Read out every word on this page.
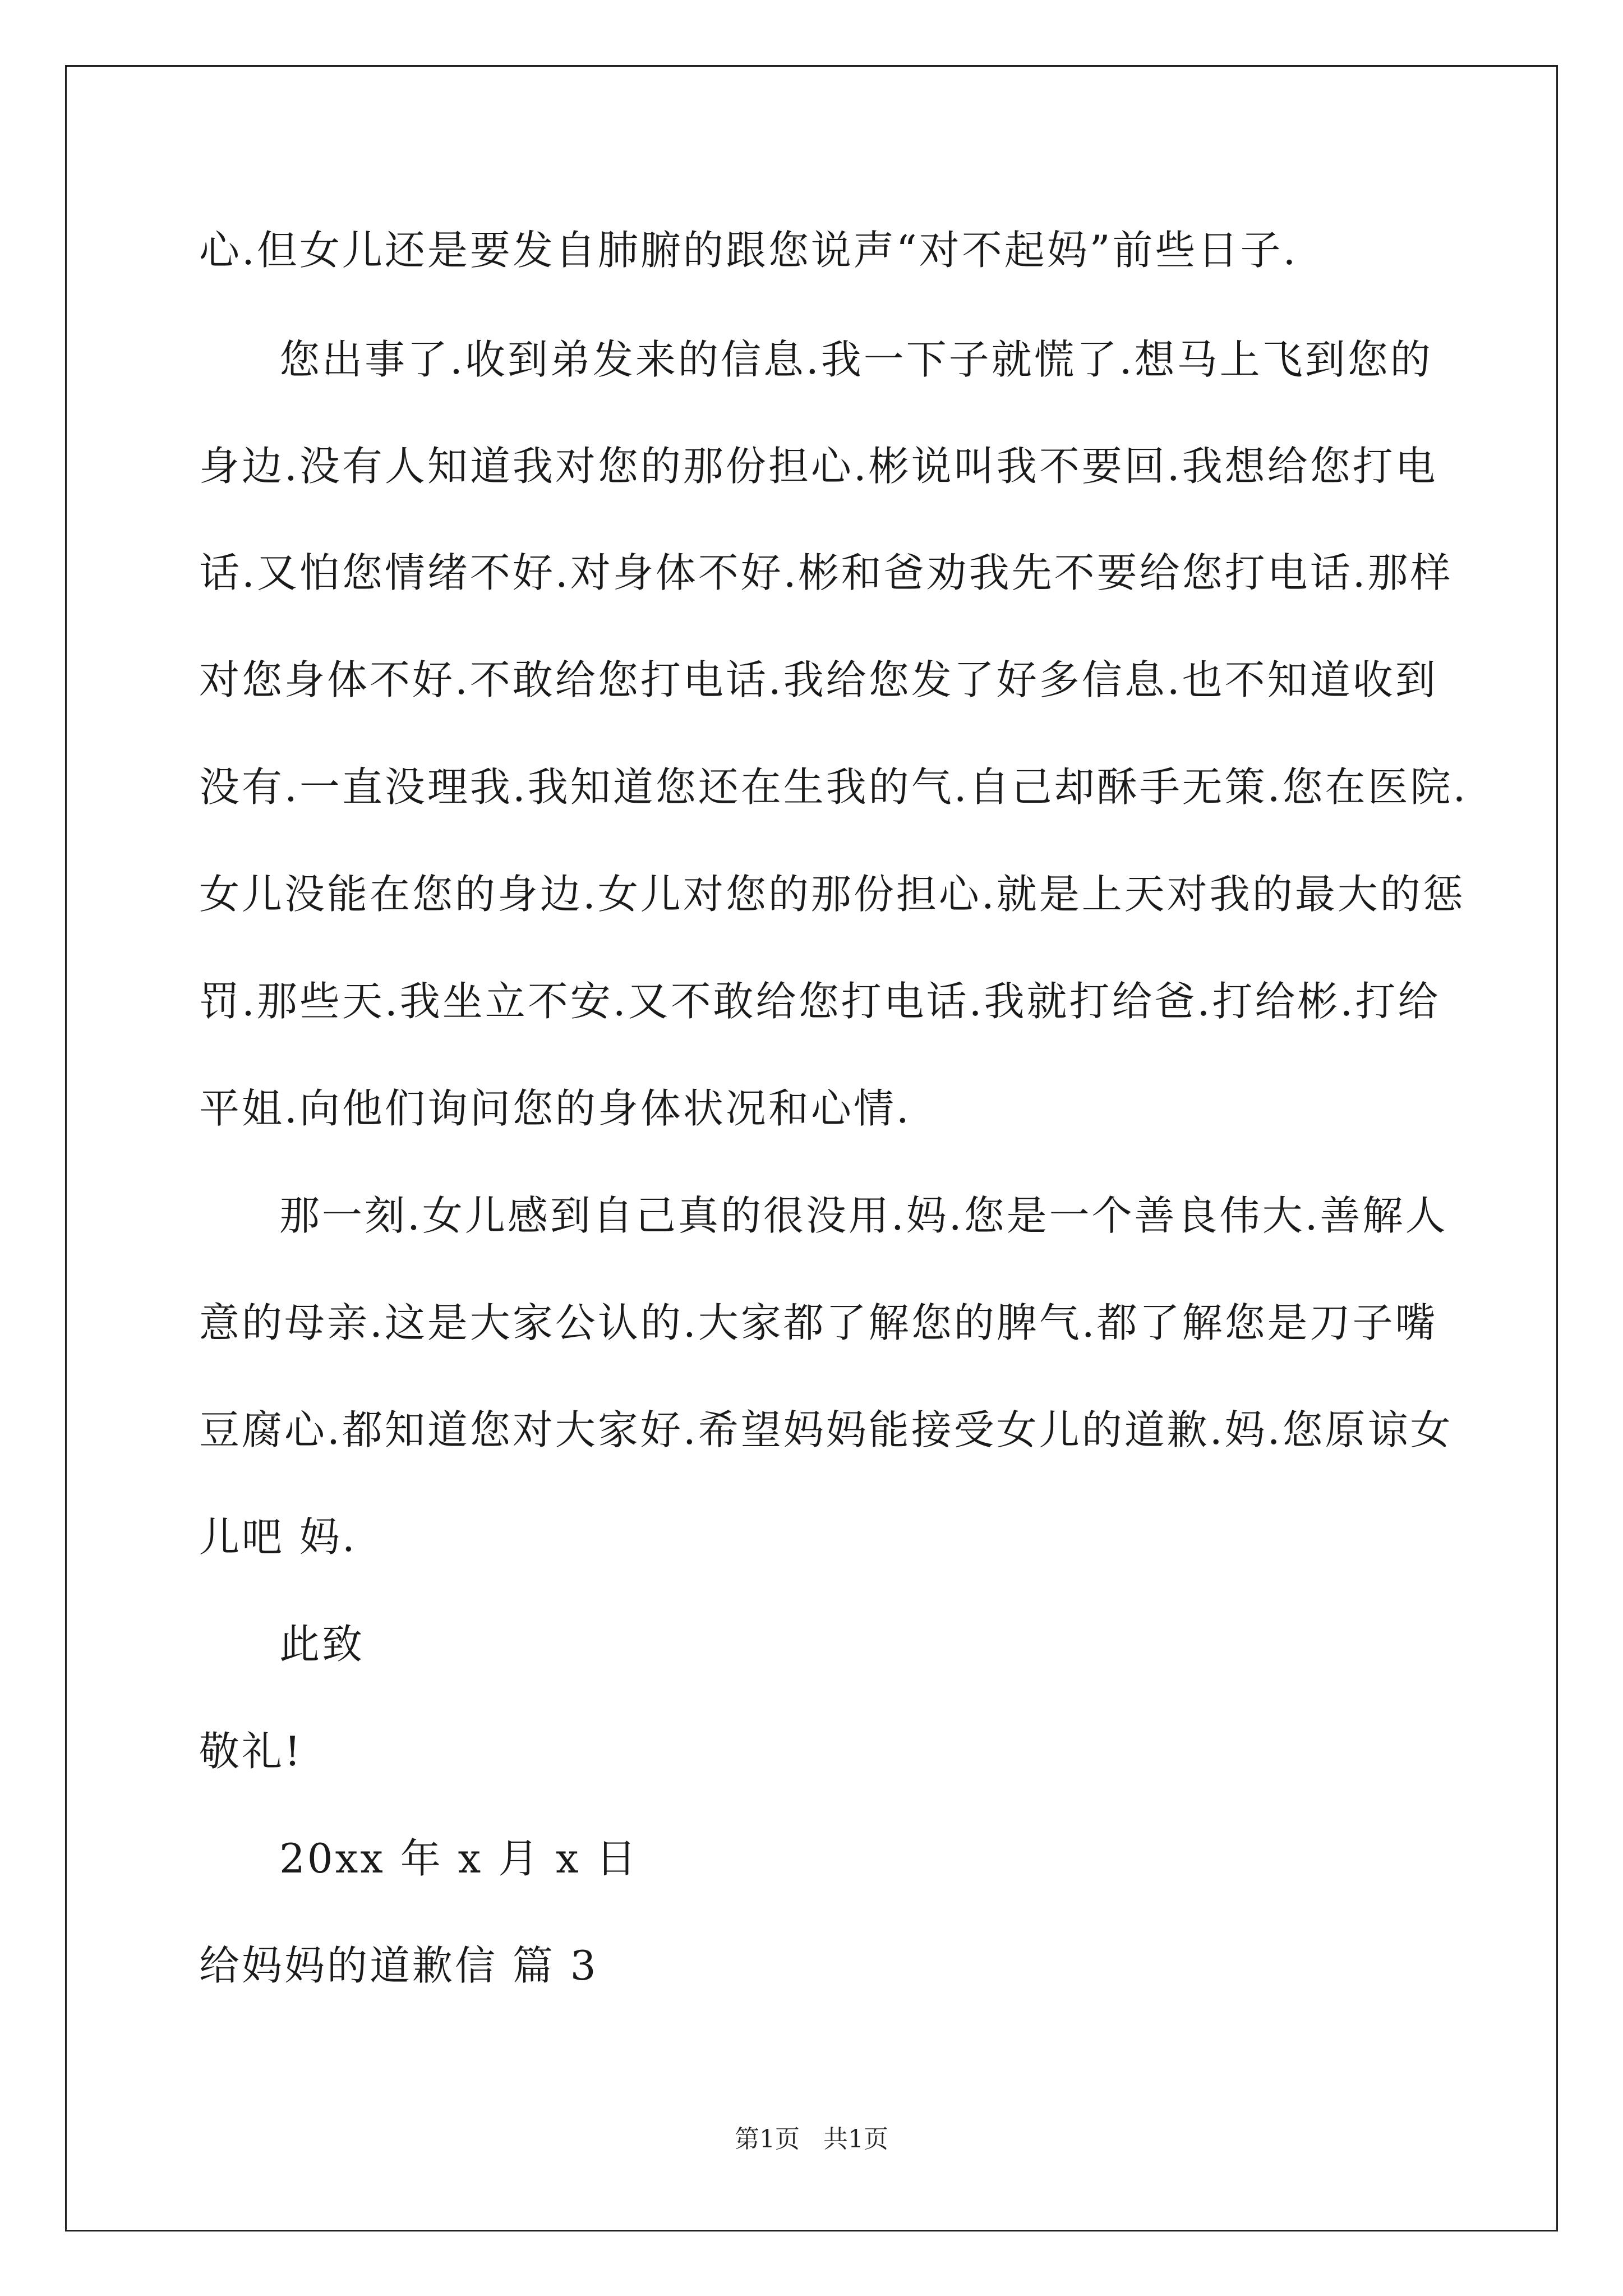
心.但女儿还是要发自肺腑的跟您说声“对不起妈”前些日子.
您出事了.收到弟发来的信息.我一下子就慌了.想马上飞到您的
身边.没有人知道我对您的那份担心.彬说叫我不要回.我想给您打电
话.又怕您情绪不好.对身体不好.彬和爸劝我先不要给您打电话.那样
对您身体不好.不敢给您打电话.我给您发了好多信息.也不知道收到
没有.一直没理我.我知道您还在生我的气.自己却酥手无策.您在医院.
女儿没能在您的身边.女儿对您的那份担心.就是上天对我的最大的惩
罚.那些天.我坐立不安.又不敢给您打电话.我就打给爸.打给彬.打给
平姐.向他们询问您的身体状况和心情.
那一刻.女儿感到自己真的很没用.妈.您是一个善良伟大.善解人
意的母亲.这是大家公认的.大家都了解您的脾气.都了解您是刀子嘴
豆腐心.都知道您对大家好.希望妈妈能接受女儿的道歉.妈.您原谅女
儿吧 妈.
此致
敬礼!
20xx 年 x 月 x 日
给妈妈的道歉信 篇 3
第1页   共1页
